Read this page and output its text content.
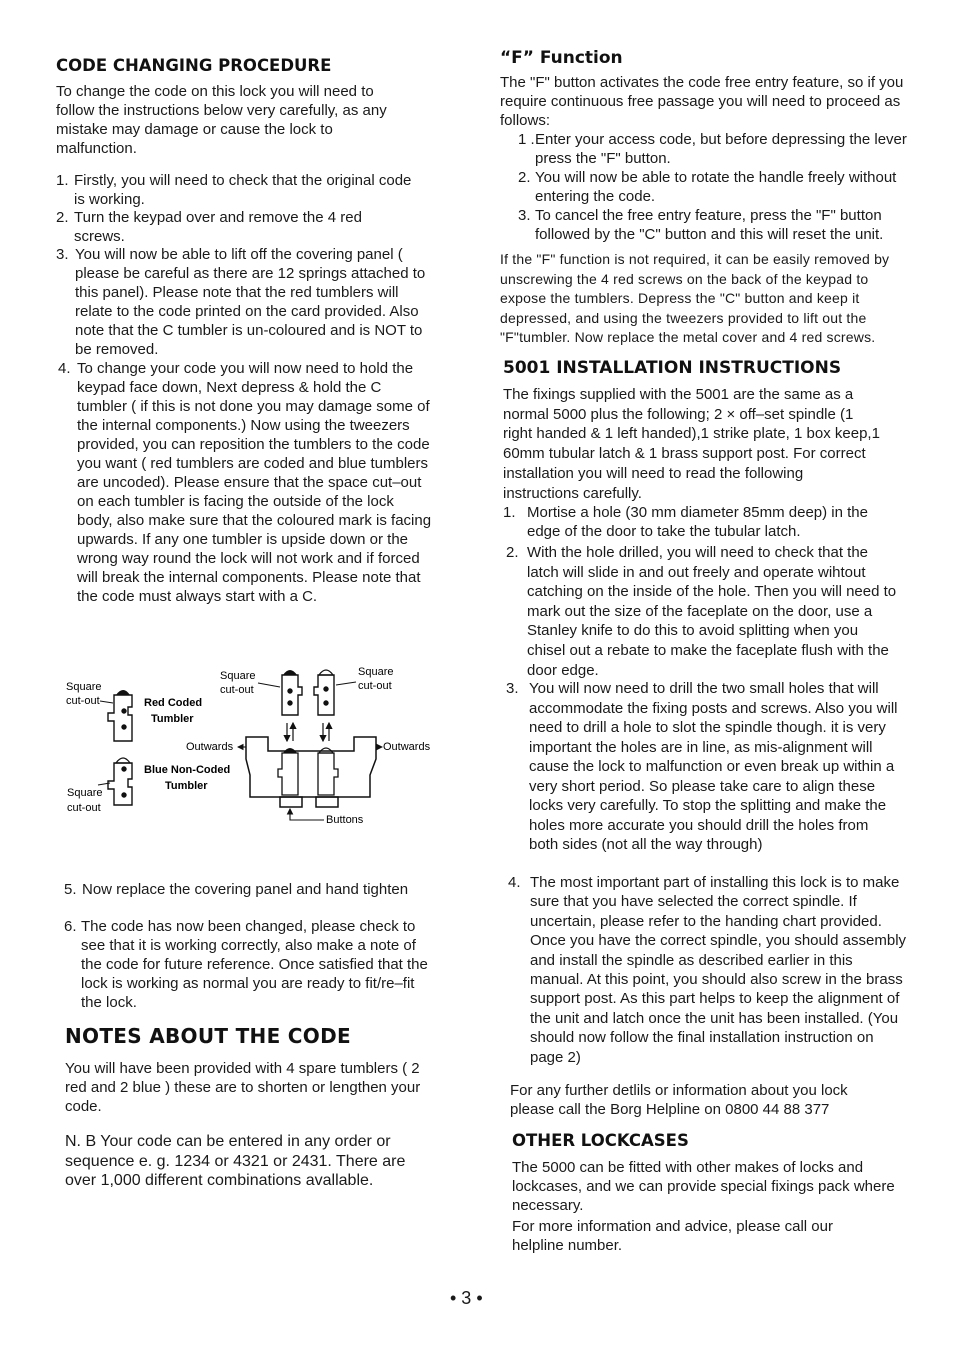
CODE CHANGING PROCEDURE

To change the code on this lock you will need to follow the instructions below very carefully, as any mistake may damage or cause the lock to malfunction.

1. Firstly, you will need to check that the original code is working.
2. Turn the keypad over and remove the 4 red screws.
3. You will now be able to lift off the covering panel ( please be careful as there are 12 springs attached to this panel). Please note that the red tumblers will relate to the code printed on the card provided. Also note that the C tumbler is un-coloured and is NOT to be removed.
4. To change your code you will now need to hold the keypad face down, Next depress & hold the C tumbler ( if this is not done you may damage some of the internal components.) Now using the tweezers provided, you can reposition the tumblers to the code you want ( red tumblers are coded and blue tumblers are uncoded). Please ensure that the space cut–out on each tumbler is facing the outside of the lock body, also make sure that the coloured mark is facing upwards. If any one tumbler is upside down or the wrong way round the lock will not work and if forced will break the internal components. Please note that the code must always start with a C.
Square
cut-out
Square
cut-out
Square
cut-out
Square
cut-out
Red Coded
Tumbler
Blue Non-Coded
Tumbler
Outwards	Outwards
Buttons
5. Now replace the covering panel and hand tighten
6. The code has now been changed, please check to see that it is working correctly, also make a note of the code for future reference. Once satisfied that the lock is working as normal you are ready to fit/re–fit the lock.
NOTES ABOUT THE CODE

You will have been provided with 4 spare tumblers ( 2 red and 2 blue ) these are to shorten or lengthen your code.

N. B Your code can be entered in any order or sequence e. g. 1234 or 4321 or 2431. There are over 1,000 different combinations avallable.

“F” Function

The "F" button activates the code free entry feature, so if you require continuous free passage you will need to proceed as follows:

1 . Enter your access code, but before depressing the lever press the "F" button.
2. You will now be able to rotate the handle freely without entering the code.
3. To cancel the free entry feature, press the "F" button followed by the "C" button and this will reset the unit.

If the "F" function is not required, it can be easily removed by unscrewing the 4 red screws on the back of the keypad to expose the tumblers. Depress the "C" button and keep it depressed, and using the tweezers provided to lift out the "F"tumbler. Now replace the metal cover and 4 red screws.

5001 INSTALLATION INSTRUCTIONS

The fixings supplied with the 5001 are the same as a normal 5000 plus the following; 2 × off–set spindle (1 right handed & 1 left handed),1 strike plate, 1 box keep,1 60mm tubular latch & 1 brass support post. For correct installation you will need to read the following instructions carefully.

1. Mortise a hole (30 mm diameter 85mm deep) in the edge of the door to take the tubular latch.
2. With the hole drilled, you will need to check that the latch will slide in and out freely and operate wihtout catching on the inside of the hole. Then you will need to mark out the size of the faceplate on the door, use a Stanley knife to do this to avoid splitting when you chisel out a rebate to make the faceplate flush with the door edge.
3. You will now need to drill the two small holes that will accommodate the fixing posts and screws. Also you will need to drill a hole to slot the spindle though. it is very important the holes are in line, as mis-alignment will cause the lock to malfunction or even break up within a very short period. So please take care to align these locks very carefully. To stop the splitting and make the holes more accurate you should drill the holes from both sides (not all the way through)
4. The most important part of installing this lock is to make sure that you have selected the correct spindle. If uncertain, please refer to the handing chart provided. Once you have the correct spindle, you should assembly and install the spindle as described earlier in this manual. At this point, you should also screw in the brass support post. As this part helps to keep the alignment of the unit and latch once the unit has been installed. (You should now follow the final installation instruction on page 2)

For any further detlils or information about you lock please call the Borg Helpline on 0800 44 88 377

OTHER LOCKCASES

The 5000 can be fitted with other makes of locks and lockcases, and we can provide special fixings pack where necessary.

For more information and advice, please call our helpline number.

• 3 •
